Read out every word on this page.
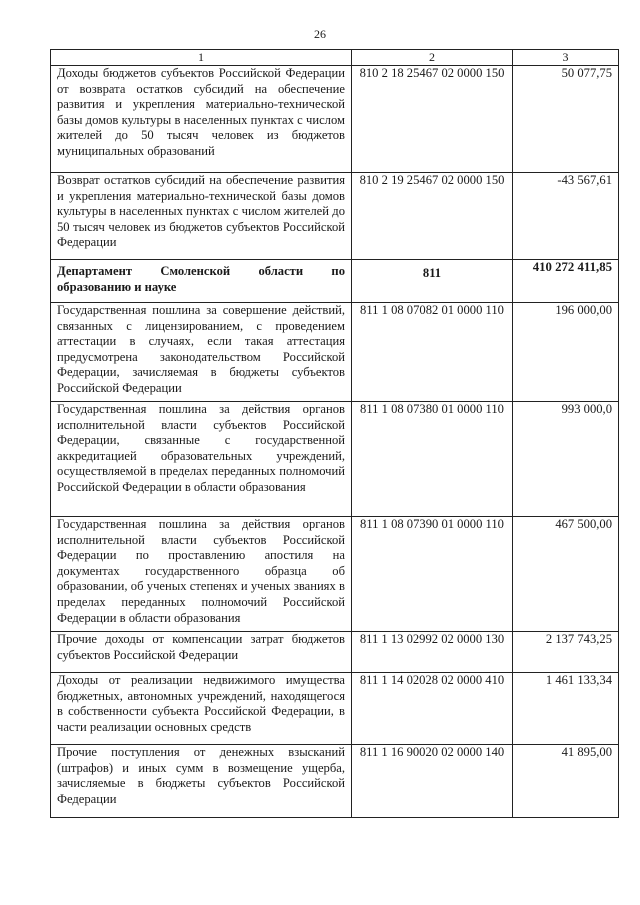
26
1	2	3
Доходы бюджетов субъектов Российской Федерации от возврата остатков субсидий на обеспечение развития и укрепления материально-технической базы домов культуры в населенных пунктах с числом жителей до 50 тысяч человек из бюджетов муниципальных образований	810 2 18 25467 02 0000 150	50 077,75
Возврат остатков субсидий на обеспечение развития и укрепления материально-технической базы домов культуры в населенных пунктах с числом жителей до 50 тысяч человек из бюджетов субъектов Российской Федерации	810 2 19 25467 02 0000 150	-43 567,61
Департамент Смоленской области по образованию и науке	811	410 272 411,85
Государственная пошлина за совершение действий, связанных с лицензированием, с проведением аттестации в случаях, если такая аттестация предусмотрена законодательством Российской Федерации, зачисляемая в бюджеты субъектов Российской Федерации	811 1 08 07082 01 0000 110	196 000,00
Государственная пошлина за действия органов исполнительной власти субъектов Российской Федерации, связанные с государственной аккредитацией образовательных учреждений, осуществляемой в пределах переданных полномочий Российской Федерации в области образования	811 1 08 07380 01 0000 110	993 000,0
Государственная пошлина за действия органов исполнительной власти субъектов Российской Федерации по проставлению апостиля на документах государственного образца об образовании, об ученых степенях и ученых званиях в пределах переданных полномочий Российской Федерации в области образования	811 1 08 07390 01 0000 110	467 500,00
Прочие доходы от компенсации затрат бюджетов субъектов Российской Федерации	811 1 13 02992 02 0000 130	2 137 743,25
Доходы от реализации недвижимого имущества бюджетных, автономных учреждений, находящегося в собственности субъекта Российской Федерации, в части реализации основных средств	811 1 14 02028 02 0000 410	1 461 133,34
Прочие поступления от денежных взысканий (штрафов) и иных сумм в возмещение ущерба, зачисляемые в бюджеты субъектов Российской Федерации	811 1 16 90020 02 0000 140	41 895,00
